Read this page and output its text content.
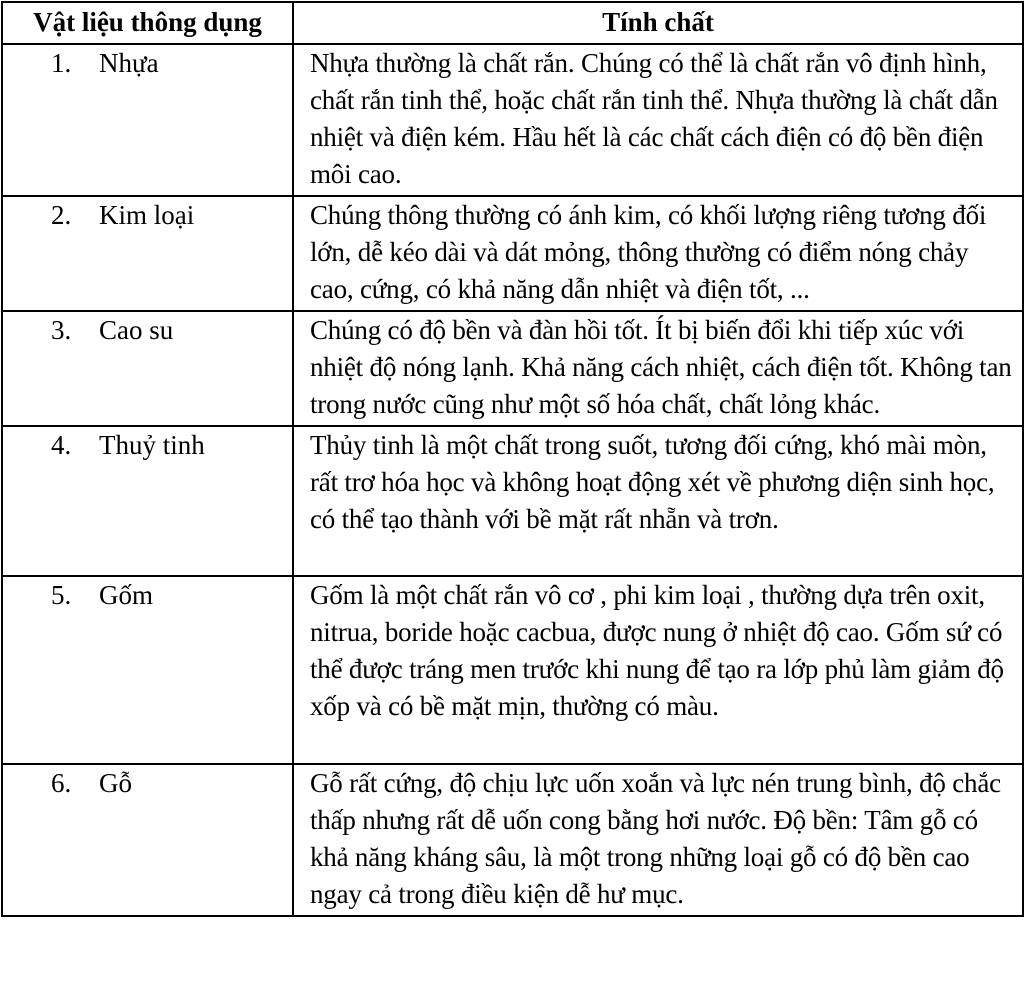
Vật liệu thông dụng	Tính chất
1. Nhựa	Nhựa thường là chất rắn. Chúng có thể là chất rắn vô định hình, chất rắn tinh thể, hoặc chất rắn tinh thể. Nhựa thường là chất dẫn nhiệt và điện kém. Hầu hết là các chất cách điện có độ bền điện môi cao.

2. Kim loại	Chúng thông thường có ánh kim, có khối lượng riêng tương đối lớn, dễ kéo dài và dát mỏng, thông thường có điểm nóng chảy cao, cứng, có khả năng dẫn nhiệt và điện tốt, ...

3. Cao su	Chúng có độ bền và đàn hồi tốt. Ít bị biến đổi khi tiếp xúc với nhiệt độ nóng lạnh. Khả năng cách nhiệt, cách điện tốt. Không tan trong nước cũng như một số hóa chất, chất lỏng khác.

4. Thuỷ tinh	Thủy tinh là một chất trong suốt, tương đối cứng, khó mài mòn, rất trơ hóa học và không hoạt động xét về phương diện sinh học, có thể tạo thành với bề mặt rất nhẵn và trơn.

5. Gốm	Gốm là một chất rắn vô cơ , phi kim loại , thường dựa trên oxit, nitrua, boride hoặc cacbua, được nung ở nhiệt độ cao. Gốm sứ có thể được tráng men trước khi nung để tạo ra lớp phủ làm giảm độ xốp và có bề mặt mịn, thường có màu.

6. Gỗ	Gỗ rất cứng, độ chịu lực uốn xoắn và lực nén trung bình, độ chắc thấp nhưng rất dễ uốn cong bằng hơi nước. Độ bền: Tâm gỗ có khả năng kháng sâu, là một trong những loại gỗ có độ bền cao ngay cả trong điều kiện dễ hư mục.
